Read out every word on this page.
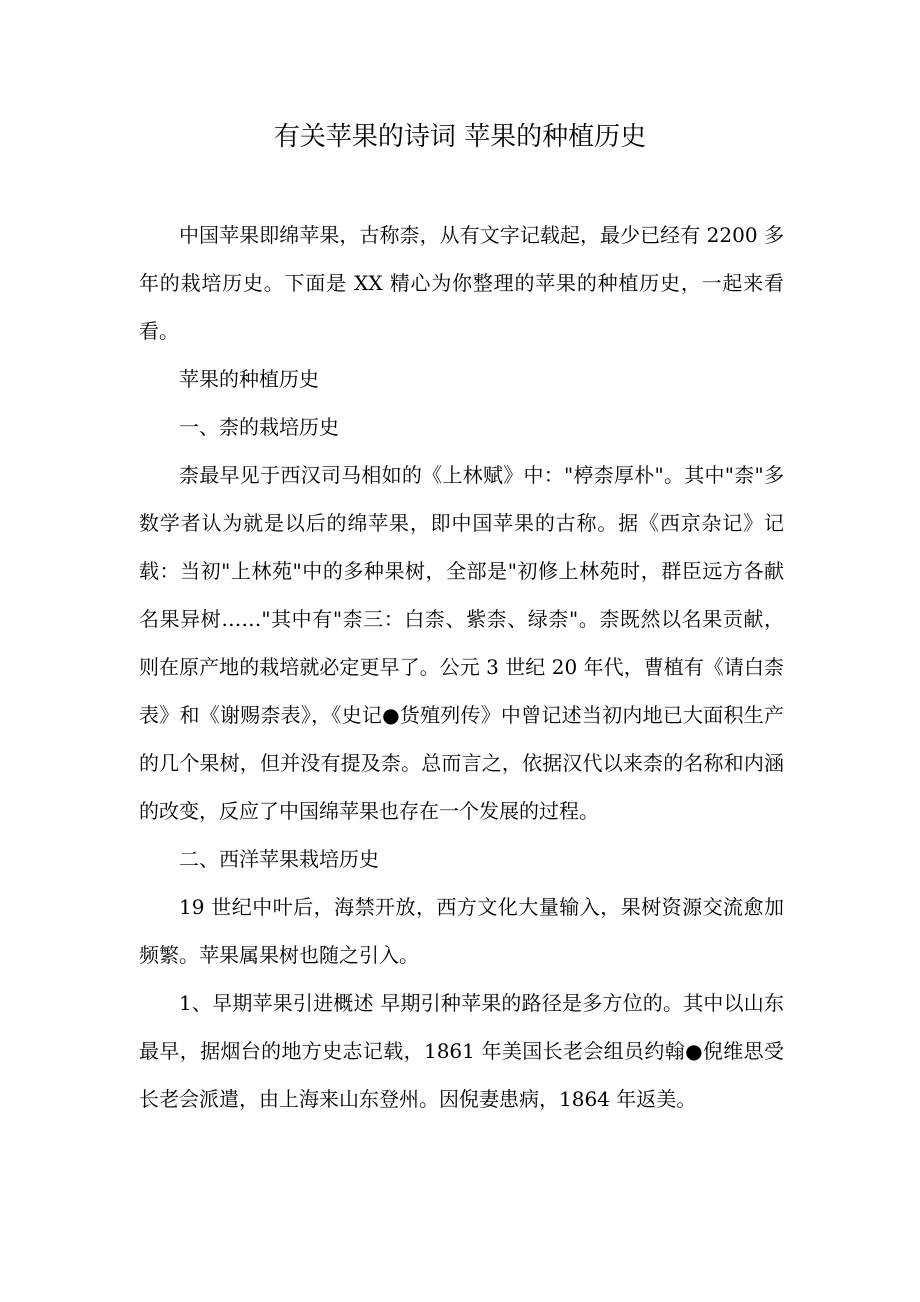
有关苹果的诗词 苹果的种植历史

中国苹果即绵苹果，古称柰，从有文字记载起，最少已经有 2200 多年的栽培历史。下面是 XX 精心为你整理的苹果的种植历史，一起来看看。

苹果的种植历史

一、柰的栽培历史

柰最早见于西汉司马相如的《上林赋》中："楟柰厚朴"。其中"柰"多数学者认为就是以后的绵苹果，即中国苹果的古称。据《西京杂记》记载：当初"上林苑"中的多种果树，全部是"初修上林苑时，群臣远方各献名果异树……"其中有"柰三：白柰、紫柰、绿柰"。柰既然以名果贡献，则在原产地的栽培就必定更早了。公元 3 世纪 20 年代，曹植有《请白柰表》和《谢赐柰表》，《史记●货殖列传》中曾记述当初内地已大面积生产的几个果树，但并没有提及柰。总而言之，依据汉代以来柰的名称和内涵的改变，反应了中国绵苹果也存在一个发展的过程。

二、西洋苹果栽培历史

19 世纪中叶后，海禁开放，西方文化大量输入，果树资源交流愈加频繁。苹果属果树也随之引入。

1、早期苹果引进概述 早期引种苹果的路径是多方位的。其中以山东最早，据烟台的地方史志记载，1861 年美国长老会组员约翰●倪维思受长老会派遣，由上海来山东登州。因倪妻患病，1864 年返美。
